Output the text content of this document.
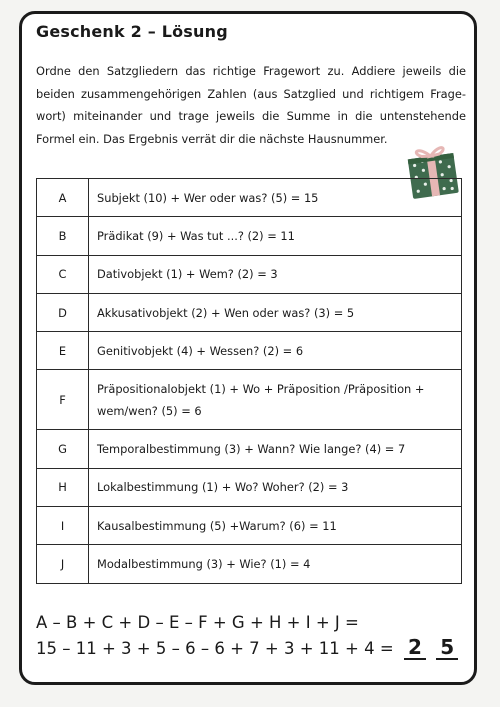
Geschenk 2 – Lösung
Ordne den Satzgliedern das richtige Fragewort zu. Addiere jeweils die beiden zusammengehörigen Zahlen (aus Satzglied und richtigem Frage-wort) miteinander und trage jeweils die Summe in die untenstehende Formel ein. Das Ergebnis verrät dir die nächste Hausnummer.
A	Subjekt (10) + Wer oder was? (5) = 15
B	Prädikat (9) + Was tut ...? (2) = 11
C	Dativobjekt (1) + Wem? (2) = 3
D	Akkusativobjekt (2) + Wen oder was? (3) = 5
E	Genitivobjekt (4) + Wessen? (2) = 6
F	Präpositionalobjekt (1) + Wo + Präposition /Präposition + wem/wen? (5) = 6
G	Temporalbestimmung (3) + Wann? Wie lange? (4) = 7
H	Lokalbestimmung (1) + Wo? Woher? (2) = 3
I	Kausalbestimmung (5) +Warum? (6) = 11
J	Modalbestimmung (3) + Wie? (1) = 4
A – B + C + D – E – F + G + H + I + J =
15 – 11 + 3 + 5 – 6 – 6 + 7 + 3 + 11 + 4 = 2 5
